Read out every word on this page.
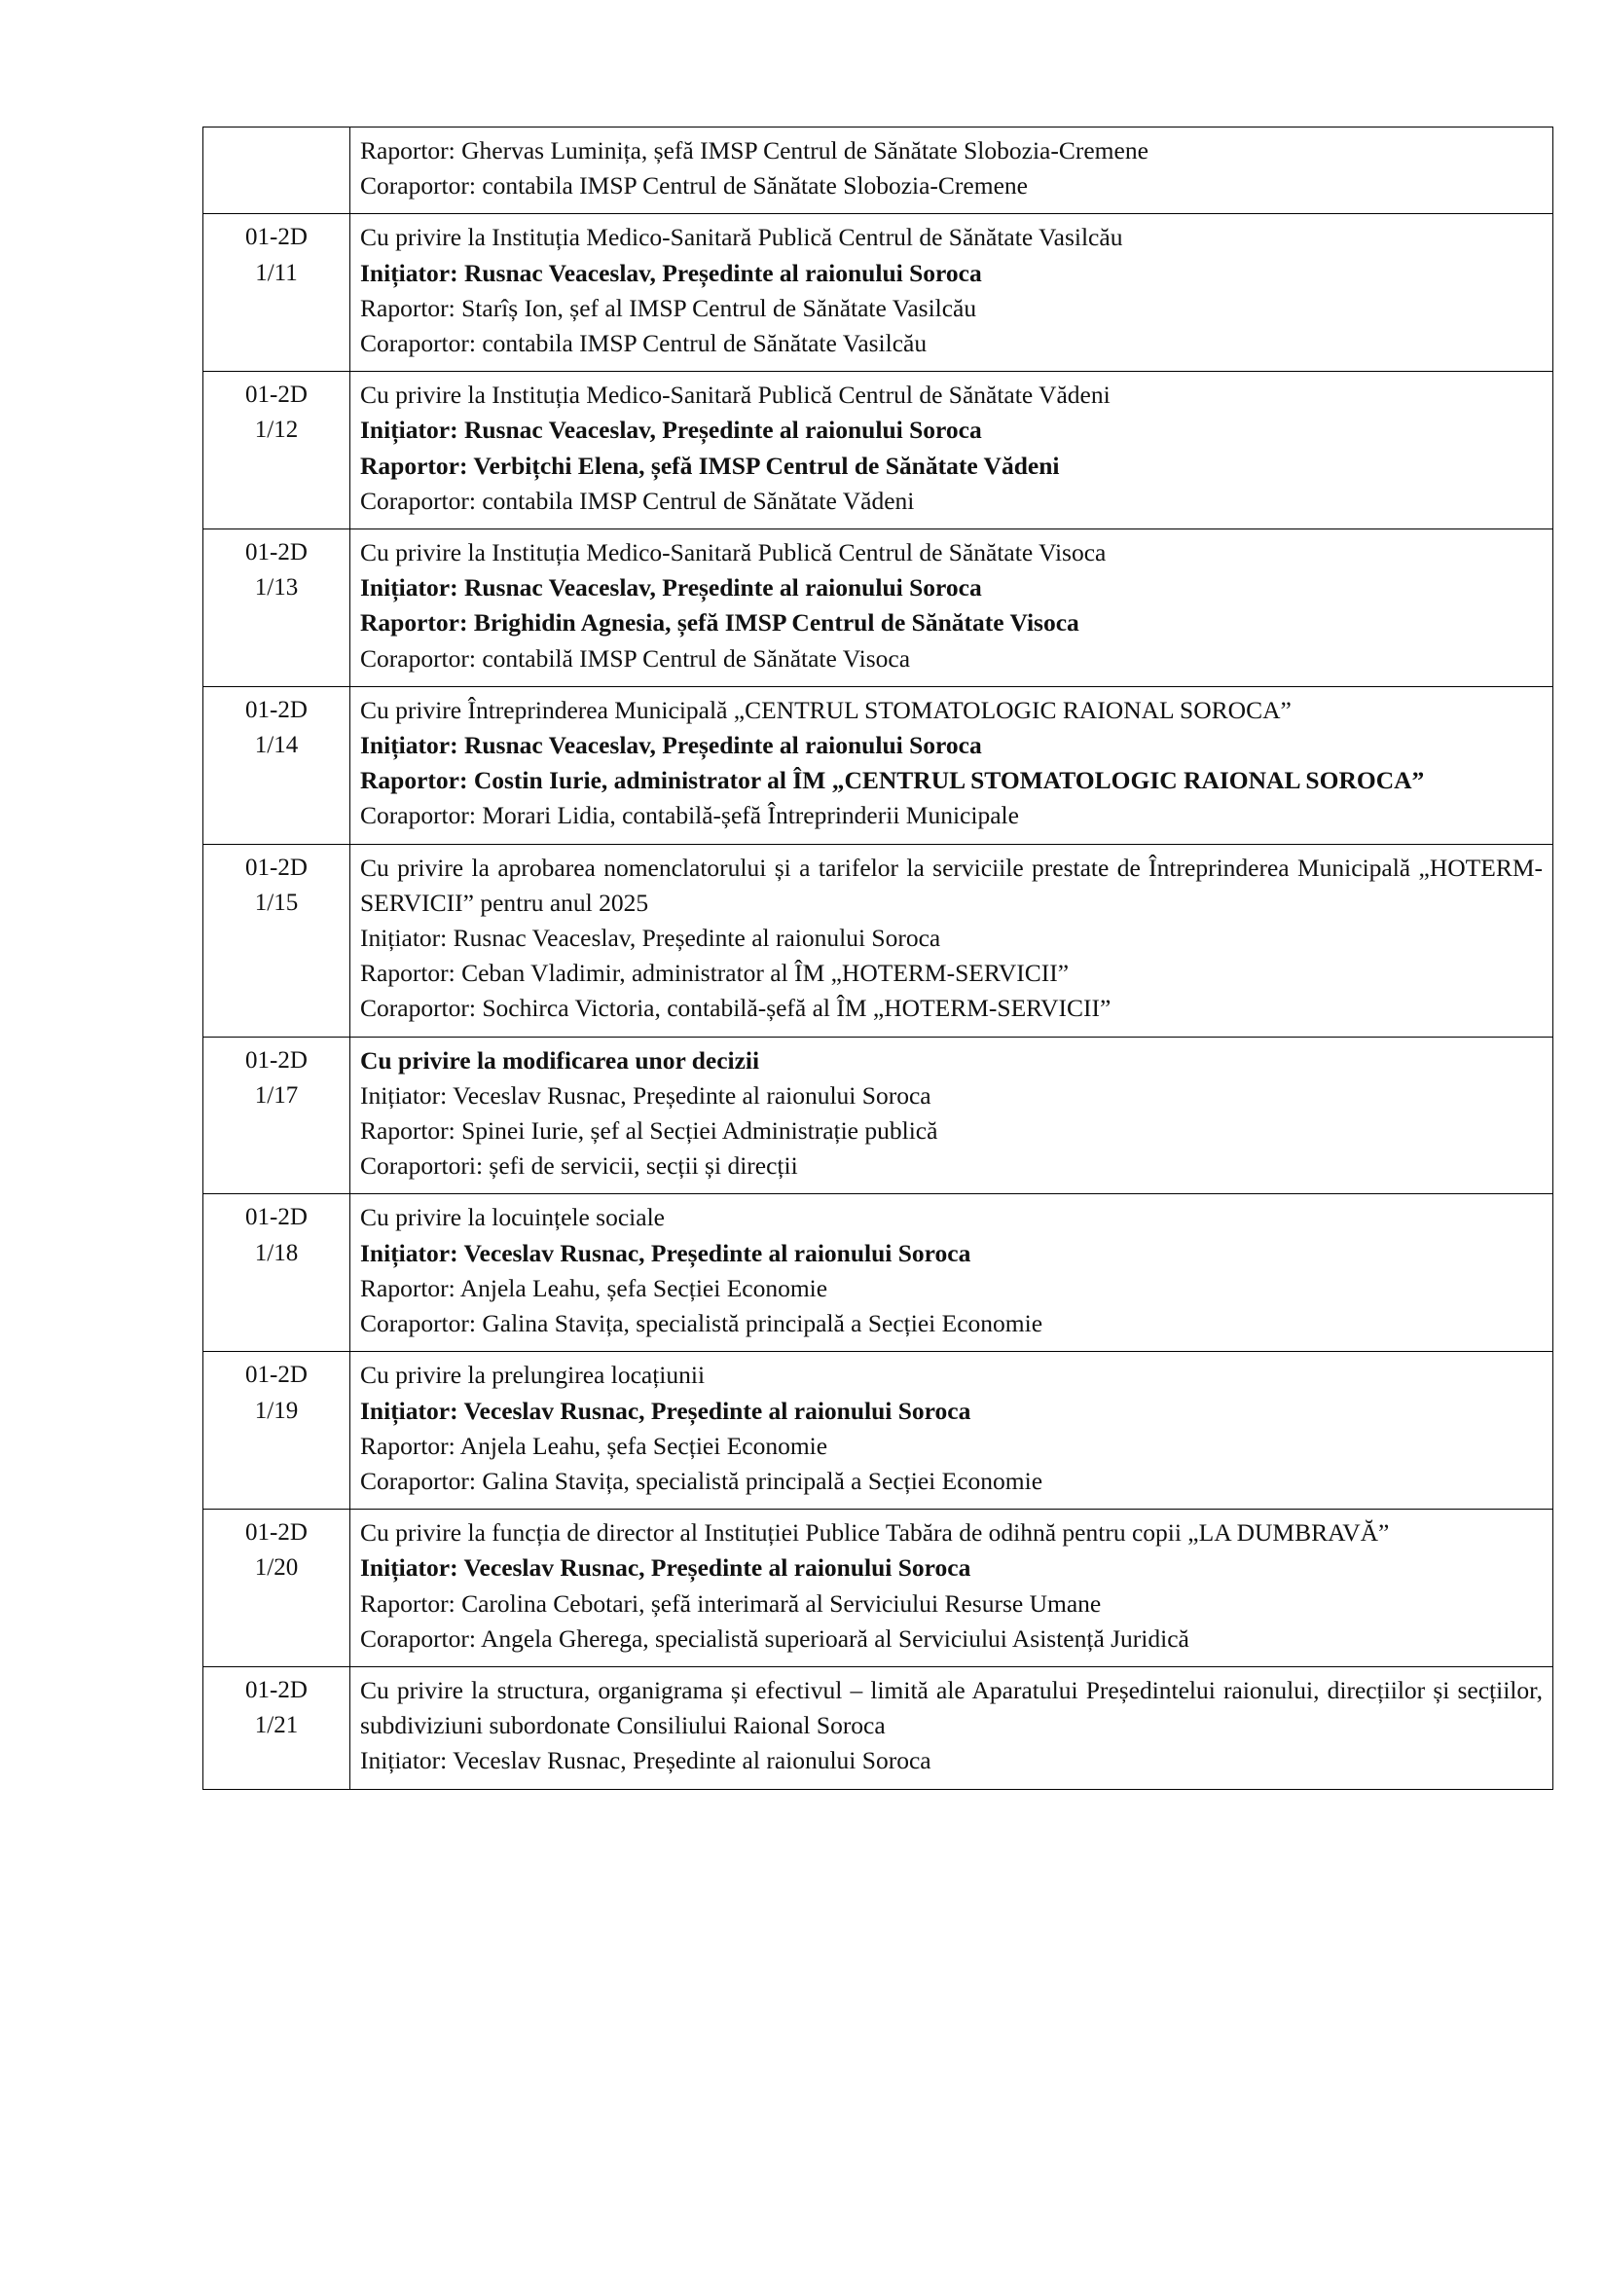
	Raportor: Ghervas Luminița, șefă IMSP Centrul de Sănătate Slobozia-Cremene
Coraportor: contabila IMSP Centrul de Sănătate Slobozia-Cremene

01-2D
1/11	Cu privire la Instituția Medico-Sanitară Publică Centrul de Sănătate Vasilcău
Inițiator: Rusnac Veaceslav, Președinte al raionului Soroca
Raportor: Starîș Ion, șef al IMSP Centrul de Sănătate Vasilcău
Coraportor: contabila IMSP Centrul de Sănătate Vasilcău

01-2D
1/12	Cu privire la Instituția Medico-Sanitară Publică Centrul de Sănătate Vădeni
Inițiator: Rusnac Veaceslav, Președinte al raionului Soroca
Raportor: Verbițchi Elena, șefă IMSP Centrul de Sănătate Vădeni
Coraportor: contabila IMSP Centrul de Sănătate Vădeni

01-2D
1/13	Cu privire la Instituția Medico-Sanitară Publică Centrul de Sănătate Visoca
Inițiator: Rusnac Veaceslav, Președinte al raionului Soroca
Raportor: Brighidin Agnesia, șefă IMSP Centrul de Sănătate Visoca
Coraportor: contabilă IMSP Centrul de Sănătate Visoca

01-2D
1/14	Cu privire Întreprinderea Municipală „CENTRUL STOMATOLOGIC RAIONAL SOROCA”
Inițiator: Rusnac Veaceslav, Președinte al raionului Soroca
Raportor: Costin Iurie, administrator al ÎM „CENTRUL STOMATOLOGIC RAIONAL SOROCA”
Coraportor: Morari Lidia, contabilă-șefă Întreprinderii Municipale

01-2D
1/15	Cu privire la aprobarea nomenclatorului și a tarifelor la serviciile prestate de Întreprinderea Municipală „HOTERM-SERVICII” pentru anul 2025
Inițiator: Rusnac Veaceslav, Președinte al raionului Soroca
Raportor: Ceban Vladimir, administrator al ÎM „HOTERM-SERVICII”
Coraportor: Sochirca Victoria, contabilă-șefă al ÎM „HOTERM-SERVICII”

01-2D
1/17	Cu privire la modificarea unor decizii
Inițiator: Veceslav Rusnac, Președinte al raionului Soroca
Raportor: Spinei Iurie, șef al Secției Administrație publică
Coraportori: șefi de servicii, secții și direcții

01-2D
1/18	Cu privire la locuințele sociale
Inițiator: Veceslav Rusnac, Președinte al raionului Soroca
Raportor: Anjela Leahu, șefa Secției Economie
Coraportor: Galina Stavița, specialistă principală a Secției Economie

01-2D
1/19	Cu privire la prelungirea locațiunii
Inițiator: Veceslav Rusnac, Președinte al raionului Soroca
Raportor: Anjela Leahu, șefa Secției Economie
Coraportor: Galina Stavița, specialistă principală a Secției Economie

01-2D
1/20	Cu privire la funcția de director al Instituției Publice Tabăra de odihnă pentru copii „LA DUMBRAVĂ”
Inițiator: Veceslav Rusnac, Președinte al raionului Soroca
Raportor: Carolina Cebotari, șefă interimară al Serviciului Resurse Umane
Coraportor: Angela Gherega, specialistă superioară al Serviciului Asistență Juridică

01-2D
1/21	Cu privire la structura, organigrama și efectivul – limită ale Aparatului Președintelui raionului, direcțiilor și secțiilor, subdiviziuni subordonate Consiliului Raional Soroca
Inițiator: Veceslav Rusnac, Președinte al raionului Soroca
